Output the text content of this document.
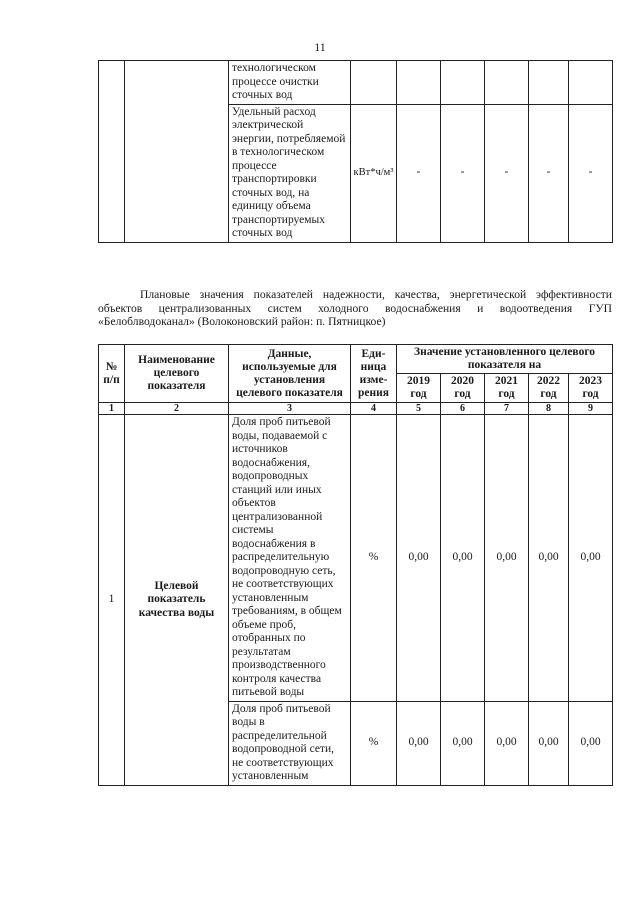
11
		технологическом процессе очистки сточных вод						
		Удельный расход электрической энергии, потребляемой в технологическом процессе транспортировки сточных вод, на единицу объема транспортируемых сточных вод	кВт*ч/м³	-	-	-	-	-
Плановые значения показателей надежности, качества, энергетической эффективности объектов централизованных систем холодного водоснабжения и водоотведения ГУП «Белоблводоканал» (Волоконовский район: п. Пятницкое)
№ п/п	Наименование целевого показателя	Данные, используемые для установления целевого показателя	Еди-ница изме-рения	Значение установленного целевого показателя на				
				2019 год	2020 год	2021 год	2022 год	2023 год
1	2	3	4	5	6	7	8	9
1	Целевой показатель качества воды	Доля проб питьевой воды, подаваемой с источников водоснабжения, водопроводных станций или иных объектов централизованной системы водоснабжения в распределительную водопроводную сеть, не соответствующих установленным требованиям, в общем объеме проб, отобранных по результатам производственного контроля качества питьевой воды	%	0,00	0,00	0,00	0,00	0,00
		Доля проб питьевой воды в распределительной водопроводной сети, не соответствующих установленным	%	0,00	0,00	0,00	0,00	0,00
